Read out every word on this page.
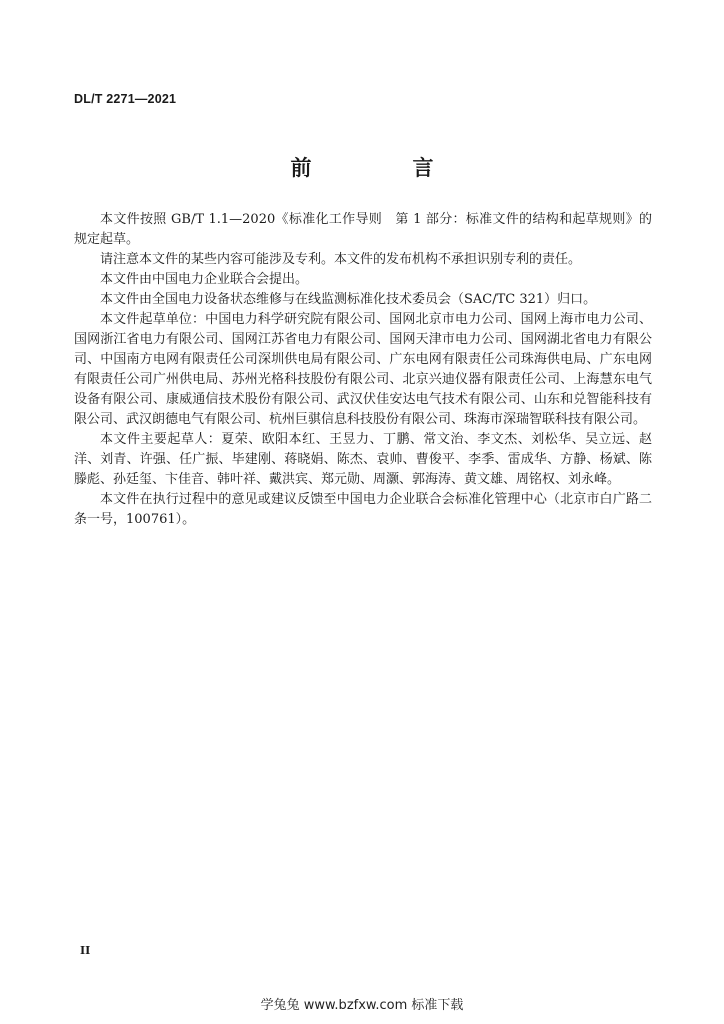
DL/T 2271—2021
前　言

本文件按照 GB/T 1.1—2020《标准化工作导则　第 1 部分：标准文件的结构和起草规则》的规定起草。

请注意本文件的某些内容可能涉及专利。本文件的发布机构不承担识别专利的责任。

本文件由中国电力企业联合会提出。

本文件由全国电力设备状态维修与在线监测标准化技术委员会（SAC/TC 321）归口。

本文件起草单位：中国电力科学研究院有限公司、国网北京市电力公司、国网上海市电力公司、国网浙江省电力有限公司、国网江苏省电力有限公司、国网天津市电力公司、国网湖北省电力有限公司、中国南方电网有限责任公司深圳供电局有限公司、广东电网有限责任公司珠海供电局、广东电网有限责任公司广州供电局、苏州光格科技股份有限公司、北京兴迪仪器有限责任公司、上海慧东电气设备有限公司、康威通信技术股份有限公司、武汉伏佳安达电气技术有限公司、山东和兑智能科技有限公司、武汉朗德电气有限公司、杭州巨骐信息科技股份有限公司、珠海市深瑞智联科技有限公司。

本文件主要起草人：夏荣、欧阳本红、王昱力、丁鹏、常文治、李文杰、刘松华、吴立远、赵洋、刘青、许强、任广振、毕建刚、蒋晓娟、陈杰、袁帅、曹俊平、李季、雷成华、方静、杨斌、陈滕彪、孙廷玺、卞佳音、韩叶祥、戴洪宾、郑元勋、周灏、郭海涛、黄文雄、周铭权、刘永峰。

本文件在执行过程中的意见或建议反馈至中国电力企业联合会标准化管理中心（北京市白广路二条一号，100761）。

II
学兔兔 www.bzfxw.com 标准下载
